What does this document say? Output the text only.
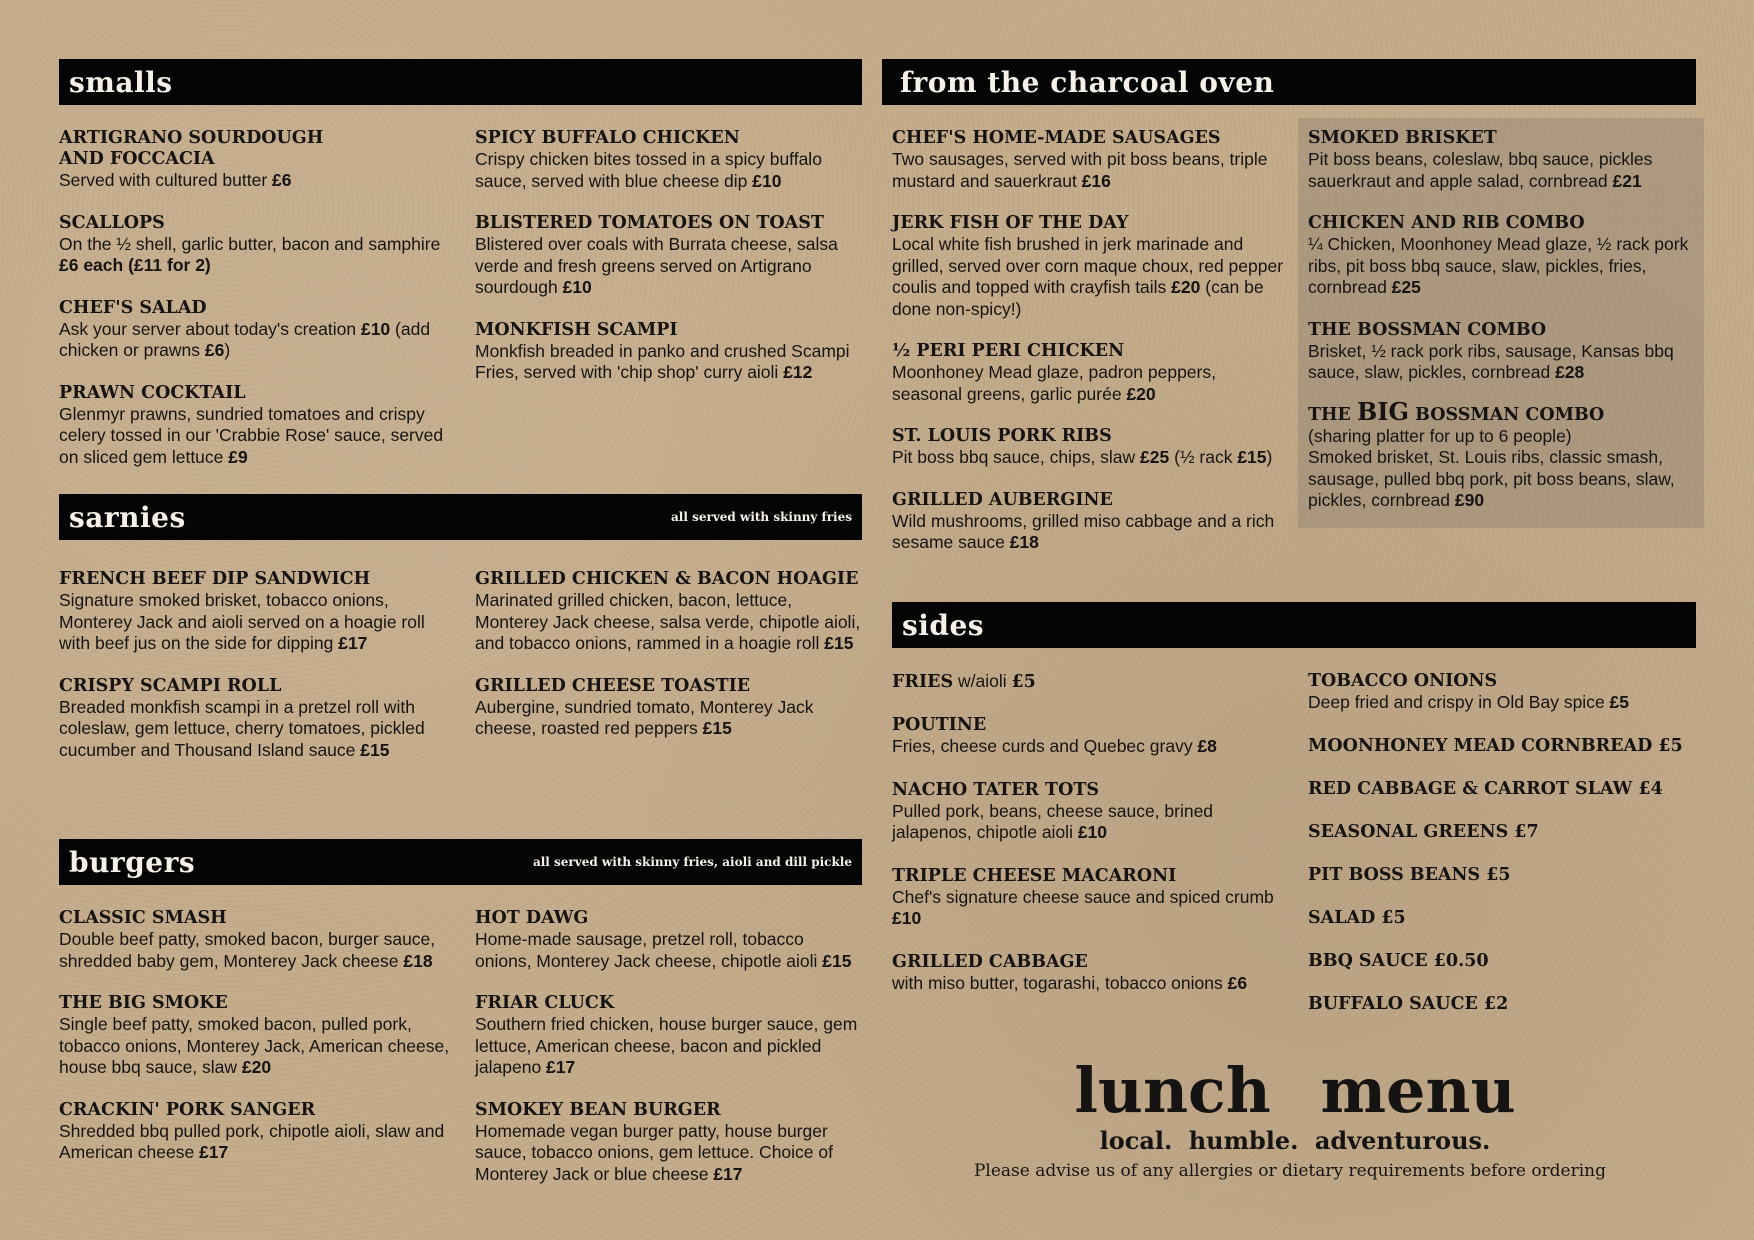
smalls
ARTIGRANO SOURDOUGH
AND FOCCACIA
Served with cultured butter £6
SCALLOPS
On the ½ shell, garlic butter, bacon and samphire £6 each (£11 for 2)
CHEF'S SALAD
Ask your server about today's creation £10 (add chicken or prawns £6)
PRAWN COCKTAIL
Glenmyr prawns, sundried tomatoes and crispy celery tossed in our 'Crabbie Rose' sauce, served on sliced gem lettuce £9
SPICY BUFFALO CHICKEN
Crispy chicken bites tossed in a spicy buffalo sauce, served with blue cheese dip £10
BLISTERED TOMATOES ON TOAST
Blistered over coals with Burrata cheese, salsa verde and fresh greens served on Artigrano sourdough £10
MONKFISH SCAMPI
Monkfish breaded in panko and crushed Scampi Fries, served with 'chip shop' curry aioli £12
sarnies	all served with skinny fries
FRENCH BEEF DIP SANDWICH
Signature smoked brisket, tobacco onions, Monterey Jack and aioli served on a hoagie roll with beef jus on the side for dipping £17
CRISPY SCAMPI ROLL
Breaded monkfish scampi in a pretzel roll with coleslaw, gem lettuce, cherry tomatoes, pickled cucumber and Thousand Island sauce £15
GRILLED CHICKEN & BACON HOAGIE
Marinated grilled chicken, bacon, lettuce, Monterey Jack cheese, salsa verde, chipotle aioli, and tobacco onions, rammed in a hoagie roll £15
GRILLED CHEESE TOASTIE
Aubergine, sundried tomato, Monterey Jack cheese, roasted red peppers £15
burgers	all served with skinny fries, aioli and dill pickle
CLASSIC SMASH
Double beef patty, smoked bacon, burger sauce, shredded baby gem, Monterey Jack cheese £18
THE BIG SMOKE
Single beef patty, smoked bacon, pulled pork, tobacco onions, Monterey Jack, American cheese, house bbq sauce, slaw £20
CRACKIN' PORK SANGER
Shredded bbq pulled pork, chipotle aioli, slaw and American cheese £17
HOT DAWG
Home-made sausage, pretzel roll, tobacco onions, Monterey Jack cheese, chipotle aioli £15
FRIAR CLUCK
Southern fried chicken, house burger sauce, gem lettuce, American cheese, bacon and pickled jalapeno £17
SMOKEY BEAN BURGER
Homemade vegan burger patty, house burger sauce, tobacco onions, gem lettuce. Choice of Monterey Jack or blue cheese £17
from the charcoal oven
CHEF'S HOME-MADE SAUSAGES
Two sausages, served with pit boss beans, triple mustard and sauerkraut £16
JERK FISH OF THE DAY
Local white fish brushed in jerk marinade and grilled, served over corn maque choux, red pepper coulis and topped with crayfish tails £20 (can be done non-spicy!)
½ PERI PERI CHICKEN
Moonhoney Mead glaze, padron peppers, seasonal greens, garlic purée £20
ST. LOUIS PORK RIBS
Pit boss bbq sauce, chips, slaw £25 (½ rack £15)
GRILLED AUBERGINE
Wild mushrooms, grilled miso cabbage and a rich sesame sauce £18
SMOKED BRISKET
Pit boss beans, coleslaw, bbq sauce, pickles sauerkraut and apple salad, cornbread £21
CHICKEN AND RIB COMBO
¼ Chicken, Moonhoney Mead glaze, ½ rack pork ribs, pit boss bbq sauce, slaw, pickles, fries, cornbread £25
THE BOSSMAN COMBO
Brisket, ½ rack pork ribs, sausage, Kansas bbq sauce, slaw, pickles, cornbread £28
THE BIG BOSSMAN COMBO
(sharing platter for up to 6 people)
Smoked brisket, St. Louis ribs, classic smash, sausage, pulled bbq pork, pit boss beans, slaw, pickles, cornbread £90
sides
FRIES w/aioli £5
POUTINE
Fries, cheese curds and Quebec gravy £8
NACHO TATER TOTS
Pulled pork, beans, cheese sauce, brined jalapenos, chipotle aioli £10
TRIPLE CHEESE MACARONI
Chef's signature cheese sauce and spiced crumb £10
GRILLED CABBAGE
with miso butter, togarashi, tobacco onions £6
TOBACCO ONIONS
Deep fried and crispy in Old Bay spice £5
MOONHONEY MEAD CORNBREAD £5
RED CABBAGE & CARROT SLAW £4
SEASONAL GREENS £7
PIT BOSS BEANS £5
SALAD £5
BBQ SAUCE £0.50
BUFFALO SAUCE £2
lunch menu
local. humble. adventurous.
Please advise us of any allergies or dietary requirements before ordering
